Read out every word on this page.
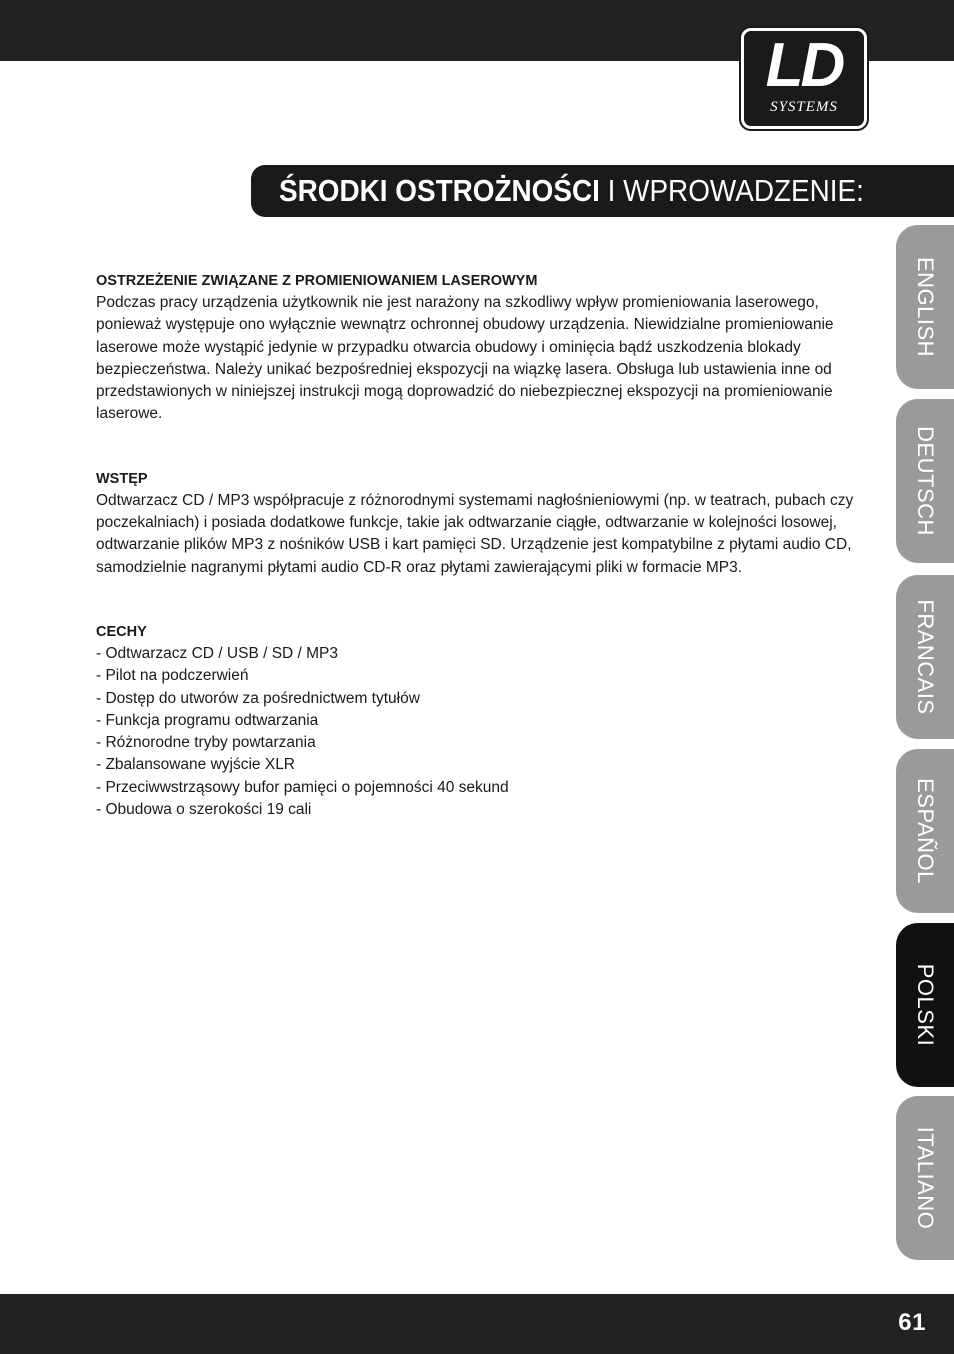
LD
SYSTEMS
ŚRODKI OSTROŻNOŚCI I WPROWADZENIE:

OSTRZEŻENIE ZWIĄZANE Z PROMIENIOWANIEM LASEROWYM

Podczas pracy urządzenia użytkownik nie jest narażony na szkodliwy wpływ promieniowania laserowego, ponieważ występuje ono wyłącznie wewnątrz ochronnej obudowy urządzenia. Niewidzialne promieniowanie laserowe może wystąpić jedynie w przypadku otwarcia obudowy i ominięcia bądź uszkodzenia blokady bezpieczeństwa. Należy unikać bezpośredniej ekspozycji na wiązkę lasera. Obsługa lub ustawienia inne od przedstawionych w niniejszej instrukcji mogą doprowadzić do niebezpiecznej ekspozycji na promieniowanie laserowe.

WSTĘP

Odtwarzacz CD / MP3 współpracuje z różnorodnymi systemami nagłośnieniowymi (np. w teatrach, pubach czy poczekalniach) i posiada dodatkowe funkcje, takie jak odtwarzanie ciągłe, odtwarzanie w kolejności losowej, odtwarzanie plików MP3 z nośników USB i kart pamięci SD. Urządzenie jest kompatybilne z płytami audio CD, samodzielnie nagranymi płytami audio CD-R oraz płytami zawierającymi pliki w formacie MP3.

CECHY

- Odtwarzacz CD / USB / SD / MP3
- Pilot na podczerwień
- Dostęp do utworów za pośrednictwem tytułów
- Funkcja programu odtwarzania
- Różnorodne tryby powtarzania
- Zbalansowane wyjście XLR
- Przeciwwstrząsowy bufor pamięci o pojemności 40 sekund
- Obudowa o szerokości 19 cali
ENGLISH
DEUTSCH
FRANCAIS
ESPAÑOL
POLSKI
ITALIANO
61
